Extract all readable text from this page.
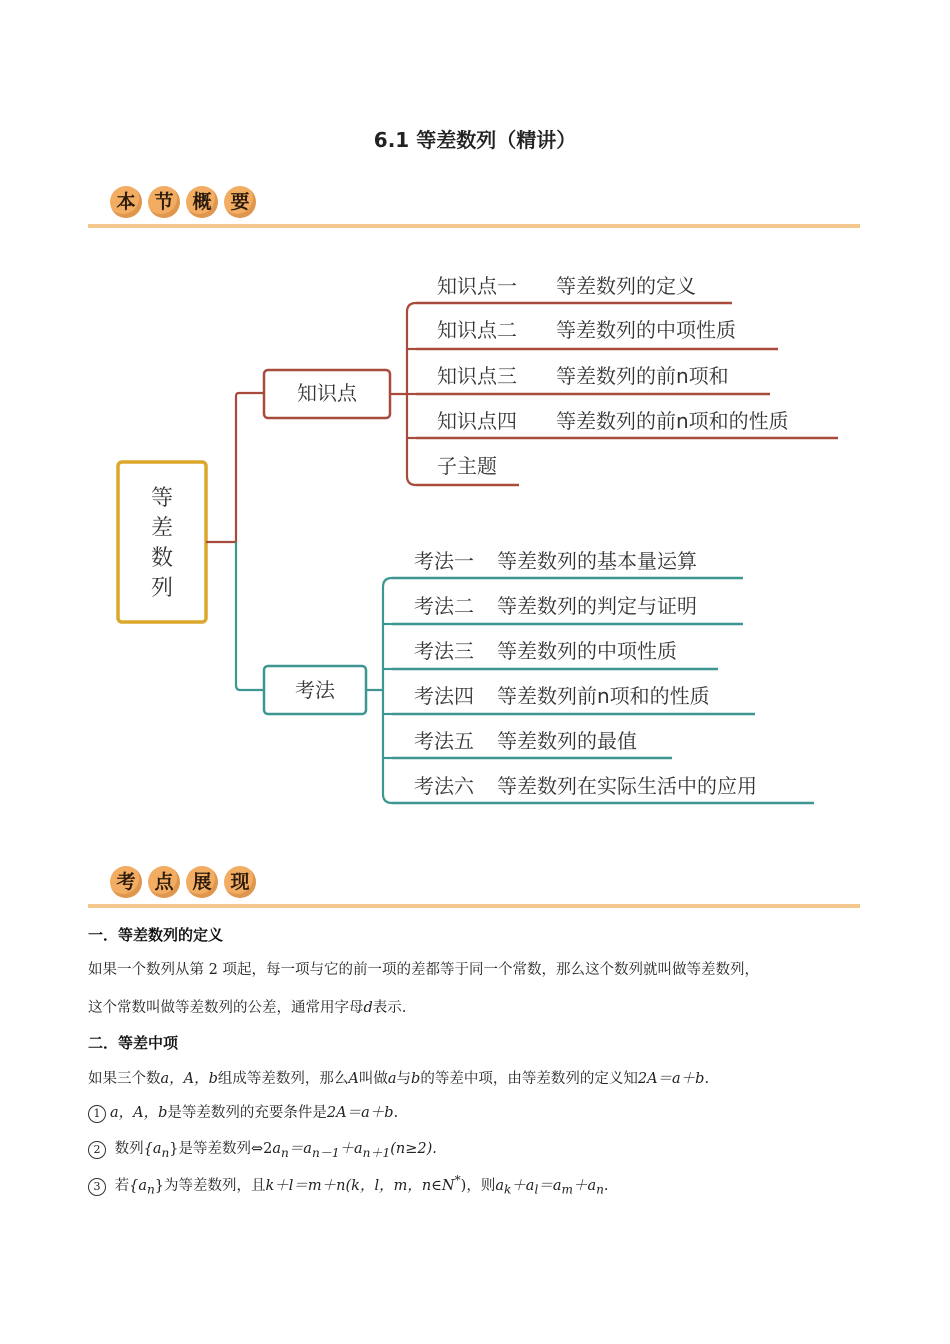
6.1 等差数列（精讲）
本 节 概 要
等
差
数
列
知识点
知识点一 等差数列的定义
知识点二 等差数列的中项性质
知识点三 等差数列的前n项和
知识点四 等差数列的前n项和的性质
子主题
考法
考法一 等差数列的基本量运算
考法二 等差数列的判定与证明
考法三 等差数列的中项性质
考法四 等差数列前n项和的性质
考法五 等差数列的最值
考法六 等差数列在实际生活中的应用
考 点 展 现
一．等差数列的定义
如果一个数列从第 2 项起，每一项与它的前一项的差都等于同一个常数，那么这个数列就叫做等差数列，
这个常数叫做等差数列的公差，通常用字母d表示.
二．等差中项
如果三个数a，A，b组成等差数列，那么A叫做a与b的等差中项，由等差数列的定义知2A＝a＋b.
1 a，A，b是等差数列的充要条件是2A＝a＋b.
2 数列$\{a_n\}$是等差数列$\Leftrightarrow 2a_n=a_{n-1}+a_{n+1}(n\ge 2)$.
3 若$\{a_n\}$为等差数列，且k＋l＝m＋n(k，l，m，n∈N*)，则$a_k+a_l=a_m+a_n$.
